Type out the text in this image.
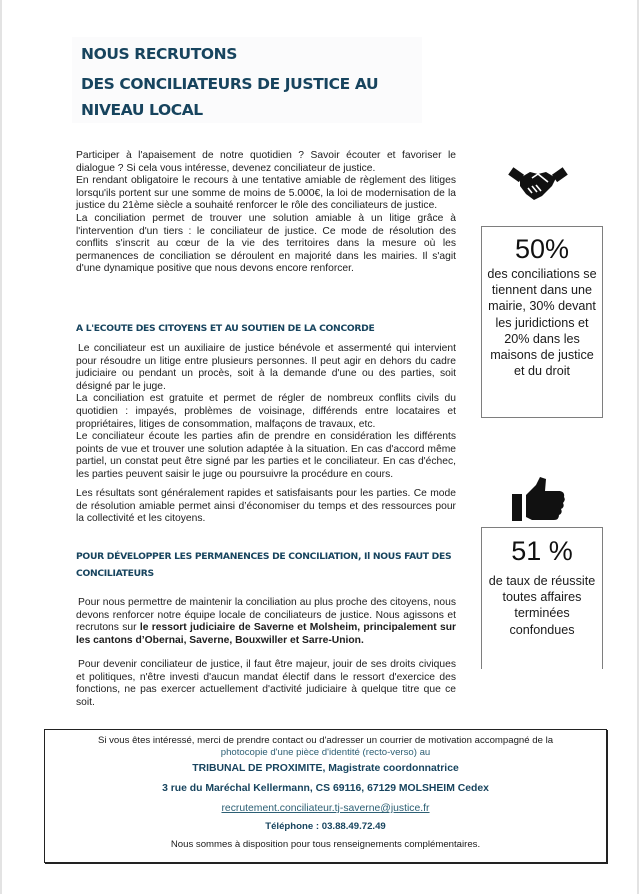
NOUS RECRUTONS
DES CONCILIATEURS DE JUSTICE AU
NIVEAU LOCAL

Participer à l'apaisement de notre quotidien ? Savoir écouter et favoriser le dialogue ? Si cela vous intéresse, devenez conciliateur de justice.

En rendant obligatoire le recours à une tentative amiable de règlement des litiges lorsqu'ils portent sur une somme de moins de 5.000€, la loi de modernisation de la justice du 21ème siècle a souhaité renforcer le rôle des conciliateurs de justice.

La conciliation permet de trouver une solution amiable à un litige grâce à l'intervention d'un tiers : le conciliateur de justice. Ce mode de résolution des conflits s'inscrit au cœur de la vie des territoires dans la mesure où les permanences de conciliation se déroulent en majorité dans les mairies. Il s'agit d'une dynamique positive que nous devons encore renforcer.

A L'ECOUTE DES CITOYENS ET AU SOUTIEN DE LA CONCORDE

Le conciliateur est un auxiliaire de justice bénévole et assermenté qui intervient pour résoudre un litige entre plusieurs personnes. Il peut agir en dehors du cadre judiciaire ou pendant un procès, soit à la demande d'une ou des parties, soit désigné par le juge.

La conciliation est gratuite et permet de régler de nombreux conflits civils du quotidien : impayés, problèmes de voisinage, différends entre locataires et propriétaires, litiges de consommation, malfaçons de travaux, etc.

Le conciliateur écoute les parties afin de prendre en considération les différents points de vue et trouver une solution adaptée à la situation. En cas d'accord même partiel, un constat peut être signé par les parties et le conciliateur. En cas d'échec, les parties peuvent saisir le juge ou poursuivre la procédure en cours.

Les résultats sont généralement rapides et satisfaisants pour les parties. Ce mode de résolution amiable permet ainsi d’économiser du temps et des ressources pour la collectivité et les citoyens.

POUR DÉVELOPPER LES PERMANENCES DE CONCILIATION, Il NOUS FAUT DES CONCILIATEURS

Pour nous permettre de maintenir la conciliation au plus proche des citoyens, nous devons renforcer notre équipe locale de conciliateurs de justice. Nous agissons et recrutons sur le ressort judiciaire de Saverne et Molsheim, principalement sur les cantons d’Obernai, Saverne, Bouxwiller et Sarre-Union.

Pour devenir conciliateur de justice, il faut être majeur, jouir de ses droits civiques et politiques, n'être investi d'aucun mandat électif dans le ressort d'exercice des fonctions, ne pas exercer actuellement d'activité judiciaire à quelque titre que ce soit.

50%
des conciliations se tiennent dans une mairie, 30% devant les juridictions et 20% dans les maisons de justice et du droit
51 %
de taux de réussite toutes affaires terminées confondues
Si vous êtes intéressé, merci de prendre contact ou d'adresser un courrier de motivation accompagné de la
photocopie d'une pièce d'identité (recto-verso) au
TRIBUNAL DE PROXIMITE, Magistrate coordonnatrice
3 rue du Maréchal Kellermann, CS 69116, 67129 MOLSHEIM Cedex
recrutement.conciliateur.tj-saverne@justice.fr
Téléphone : 03.88.49.72.49
Nous sommes à disposition pour tous renseignements complémentaires.
